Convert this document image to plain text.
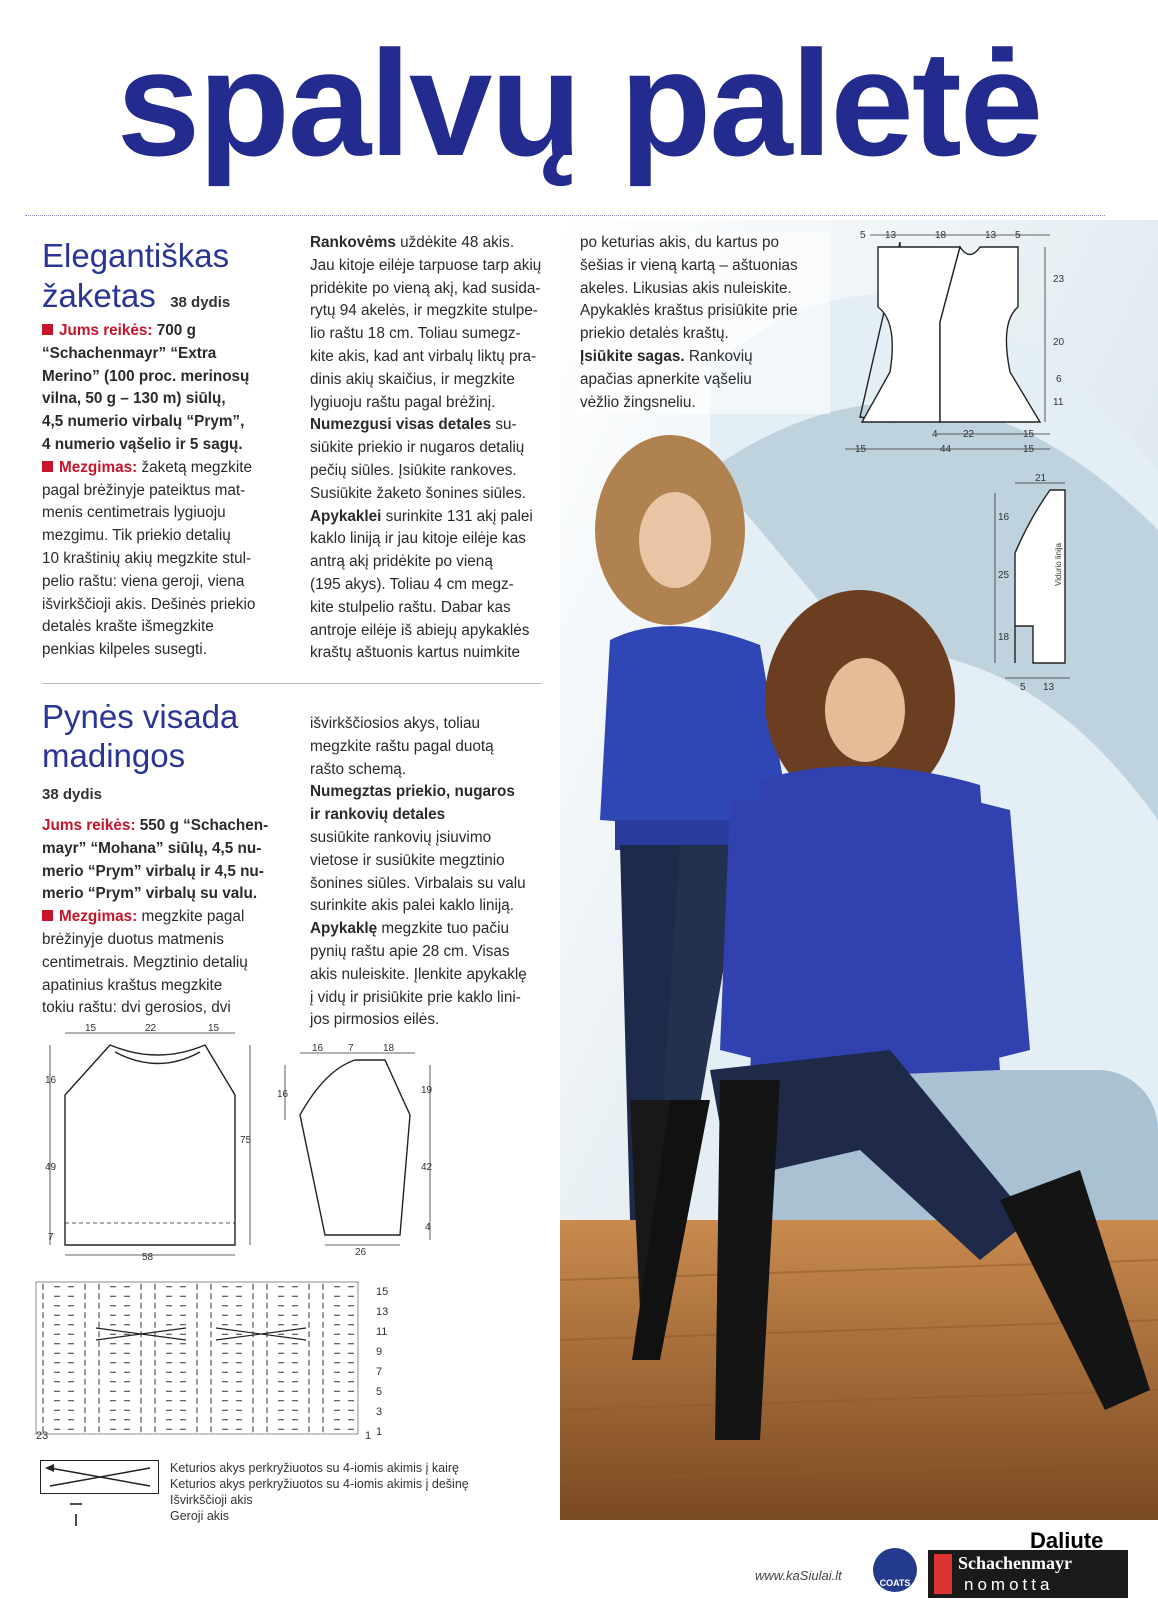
spalvų paletė
Elegantiškas
žaketas 38 dydis

Jums reikės: 700 g

“Schachenmayr” “Extra

Merino” (100 proc. merinosų

vilna, 50 g – 130 m) siūlų,

4,5 numerio virbalų “Prym”,

4 numerio vąšelio ir 5 sagų.

Mezgimas: žaketą megzkite

pagal brėžinyje pateiktus mat-

menis centimetrais lygiuoju

mezgimu. Tik priekio detalių

10 kraštinių akių megzkite stul-

pelio raštu: viena geroji, viena

išvirkščioji akis. Dešinės priekio

detalės krašte išmegzkite

penkias kilpeles susegti.

Rankovėms uždėkite 48 akis.

Jau kitoje eilėje tarpuose tarp akių

pridėkite po vieną akį, kad susida-

rytų 94 akelės, ir megzkite stulpe-

lio raštu 18 cm. Toliau sumegz-

kite akis, kad ant virbalų liktų pra-

dinis akių skaičius, ir megzkite

lygiuoju raštu pagal brėžinį.

Numezgusi visas detales su-

siūkite priekio ir nugaros detalių

pečių siūles. Įsiūkite rankoves.

Susiūkite žaketo šonines siūles.

Apykaklei surinkite 131 akį palei

kaklo liniją ir jau kitoje eilėje kas

antrą akį pridėkite po vieną

(195 akys). Toliau 4 cm megz-

kite stulpelio raštu. Dabar kas

antroje eilėje iš abiejų apykaklės

kraštų aštuonis kartus nuimkite

po keturias akis, du kartus po

šešias ir vieną kartą – aštuonias

akeles. Likusias akis nuleiskite.

Apykaklės kraštus prisiūkite prie

priekio detalės kraštų.

Įsiūkite sagas. Rankovių

apačias apnerkite vąšeliu

vėžlio žingsneliu.

5 13	18	13 5
23
20
6
11
4	22	15
15	44	15
21
16
25
18
5 13
Vidurio linija
Pynės visada
madingos
38 dydis

Jums reikės: 550 g “Schachen-

mayr” “Mohana” siūlų, 4,5 nu-

merio “Prym” virbalų ir 4,5 nu-

merio “Prym” virbalų su valu.

Mezgimas: megzkite pagal

brėžinyje duotus matmenis

centimetrais. Megztinio detalių

apatinius kraštus megzkite

tokiu raštu: dvi gerosios, dvi

išvirkščiosios akys, toliau

megzkite raštu pagal duotą

rašto schemą.

Numegztas priekio, nugaros ir rankovių detales

susiūkite rankovių įsiuvimo

vietose ir susiūkite megztinio

šonines siūles. Virbalais su valu

surinkite akis palei kaklo liniją.

Apykaklę megzkite tuo pačiu

pynių raštu apie 28 cm. Visas

akis nuleiskite. Įlenkite apykaklę

į vidų ir prisiūkite prie kaklo lini-

jos pirmosios eilės.

15	22	15
16
49
7
75
58
16 7	18
16	19
42
4
26
15
13
11
9
7
5
3
1
23	1
Keturios akys perkryžiuotos su 4-iomis akimis į kairę
Keturios akys perkryžiuotos su 4-iomis akimis į dešinę
Išvirkščioji akis
Geroji akis
www.kaSiulai.lt	COATS
Schachenmayr
nomotta
Daliute
